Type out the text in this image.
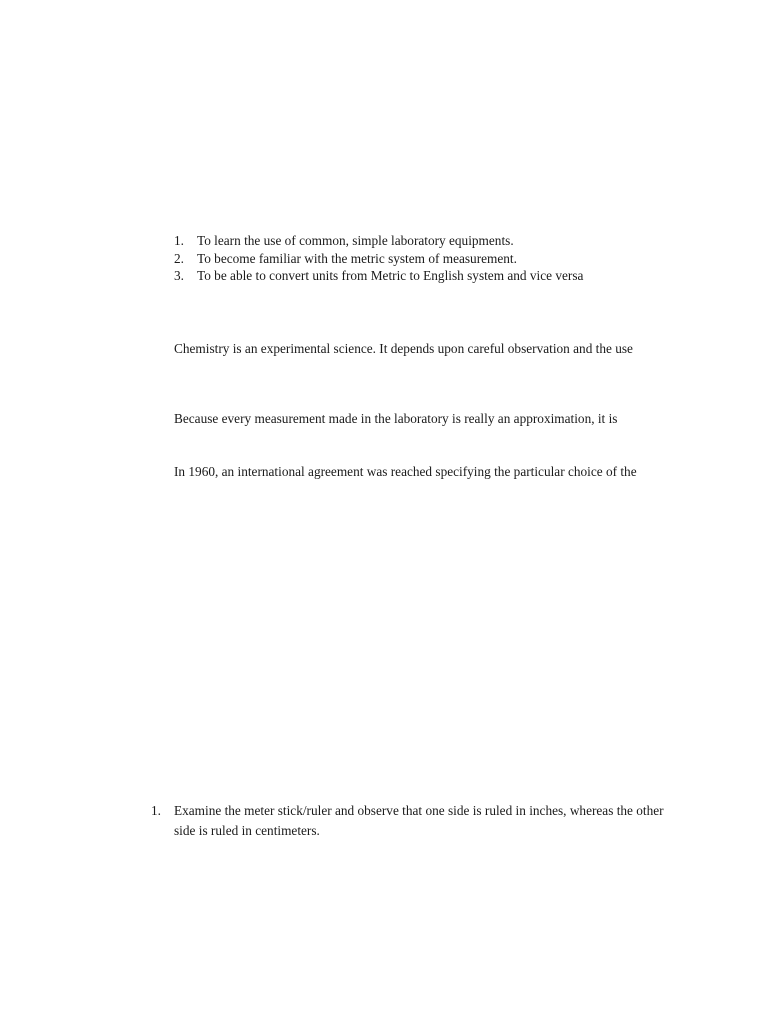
1. To learn the use of common, simple laboratory equipments.
2. To become familiar with the metric system of measurement.
3. To be able to convert units from Metric to English system and vice versa

Chemistry is an experimental science. It depends upon careful observation and the use

Because every measurement made in the laboratory is really an approximation, it is

In 1960, an international agreement was reached specifying the particular choice of the

1. Examine the meter stick/ruler and observe that one side is ruled in inches, whereas the other side is ruled in centimeters.
